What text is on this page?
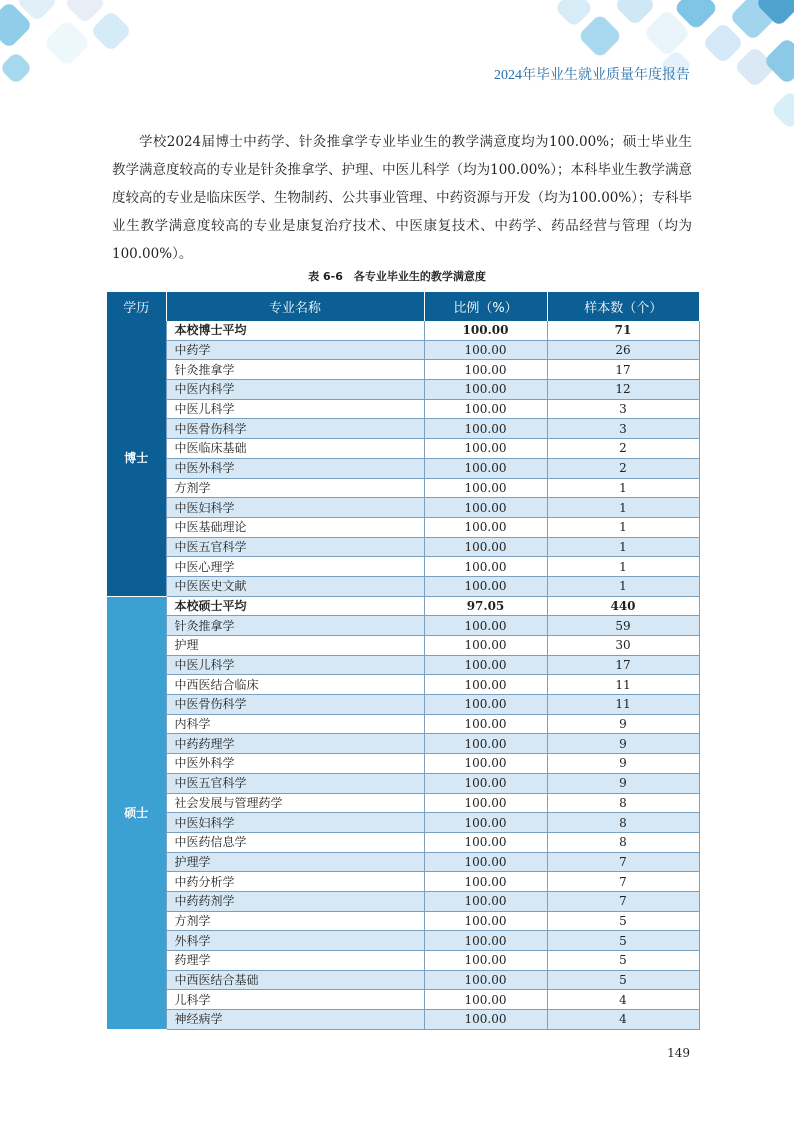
2024年毕业生就业质量年度报告

学校2024届博士中药学、针灸推拿学专业毕业生的教学满意度均为100.00%；硕士毕业生教学满意度较高的专业是针灸推拿学、护理、中医儿科学（均为100.00%）；本科毕业生教学满意度较高的专业是临床医学、生物制药、公共事业管理、中药资源与开发（均为100.00%）；专科毕业生教学满意度较高的专业是康复治疗技术、中医康复技术、中药学、药品经营与管理（均为100.00%）。

表 6-6　各专业毕业生的教学满意度
学历	专业名称	比例（%）	样本数（个）
博士	本校博士平均	100.00	71
	中药学	100.00	26
	针灸推拿学	100.00	17
	中医内科学	100.00	12
	中医儿科学	100.00	3
	中医骨伤科学	100.00	3
	中医临床基础	100.00	2
	中医外科学	100.00	2
	方剂学	100.00	1
	中医妇科学	100.00	1
	中医基础理论	100.00	1
	中医五官科学	100.00	1
	中医心理学	100.00	1
	中医医史文献	100.00	1
硕士	本校硕士平均	97.05	440
	针灸推拿学	100.00	59
	护理	100.00	30
	中医儿科学	100.00	17
	中西医结合临床	100.00	11
	中医骨伤科学	100.00	11
	内科学	100.00	9
	中药药理学	100.00	9
	中医外科学	100.00	9
	中医五官科学	100.00	9
	社会发展与管理药学	100.00	8
	中医妇科学	100.00	8
	中医药信息学	100.00	8
	护理学	100.00	7
	中药分析学	100.00	7
	中药药剂学	100.00	7
	方剂学	100.00	5
	外科学	100.00	5
	药理学	100.00	5
	中西医结合基础	100.00	5
	儿科学	100.00	4
	神经病学	100.00	4
149
